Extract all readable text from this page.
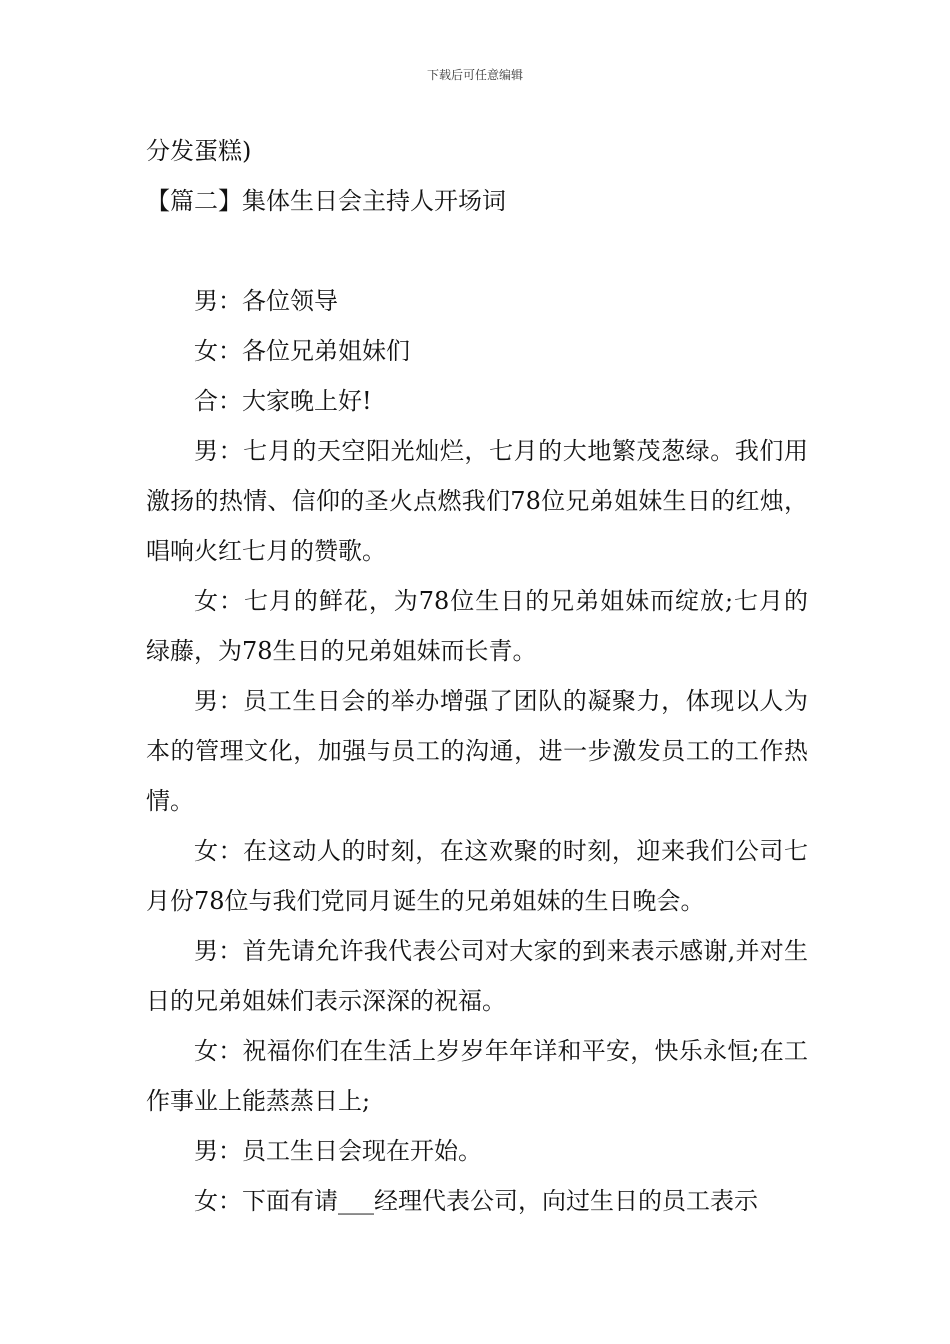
下载后可任意编辑

分发蛋糕)

【篇二】集体生日会主持人开场词

男：各位领导

女：各位兄弟姐妹们

合：大家晚上好!

男：七月的天空阳光灿烂，七月的大地繁茂葱绿。我们用激扬的热情、信仰的圣火点燃我们78位兄弟姐妹生日的红烛，唱响火红七月的赞歌。

女：七月的鲜花，为78位生日的兄弟姐妹而绽放;七月的绿藤，为78生日的兄弟姐妹而长青。

男：员工生日会的举办增强了团队的凝聚力，体现以人为本的管理文化，加强与员工的沟通，进一步激发员工的工作热情。

女：在这动人的时刻，在这欢聚的时刻，迎来我们公司七月份78位与我们党同月诞生的兄弟姐妹的生日晚会。

男：首先请允许我代表公司对大家的到来表示感谢,并对生日的兄弟姐妹们表示深深的祝福。

女：祝福你们在生活上岁岁年年详和平安，快乐永恒;在工作事业上能蒸蒸日上;

男：员工生日会现在开始。

女：下面有请___经理代表公司，向过生日的员工表示
